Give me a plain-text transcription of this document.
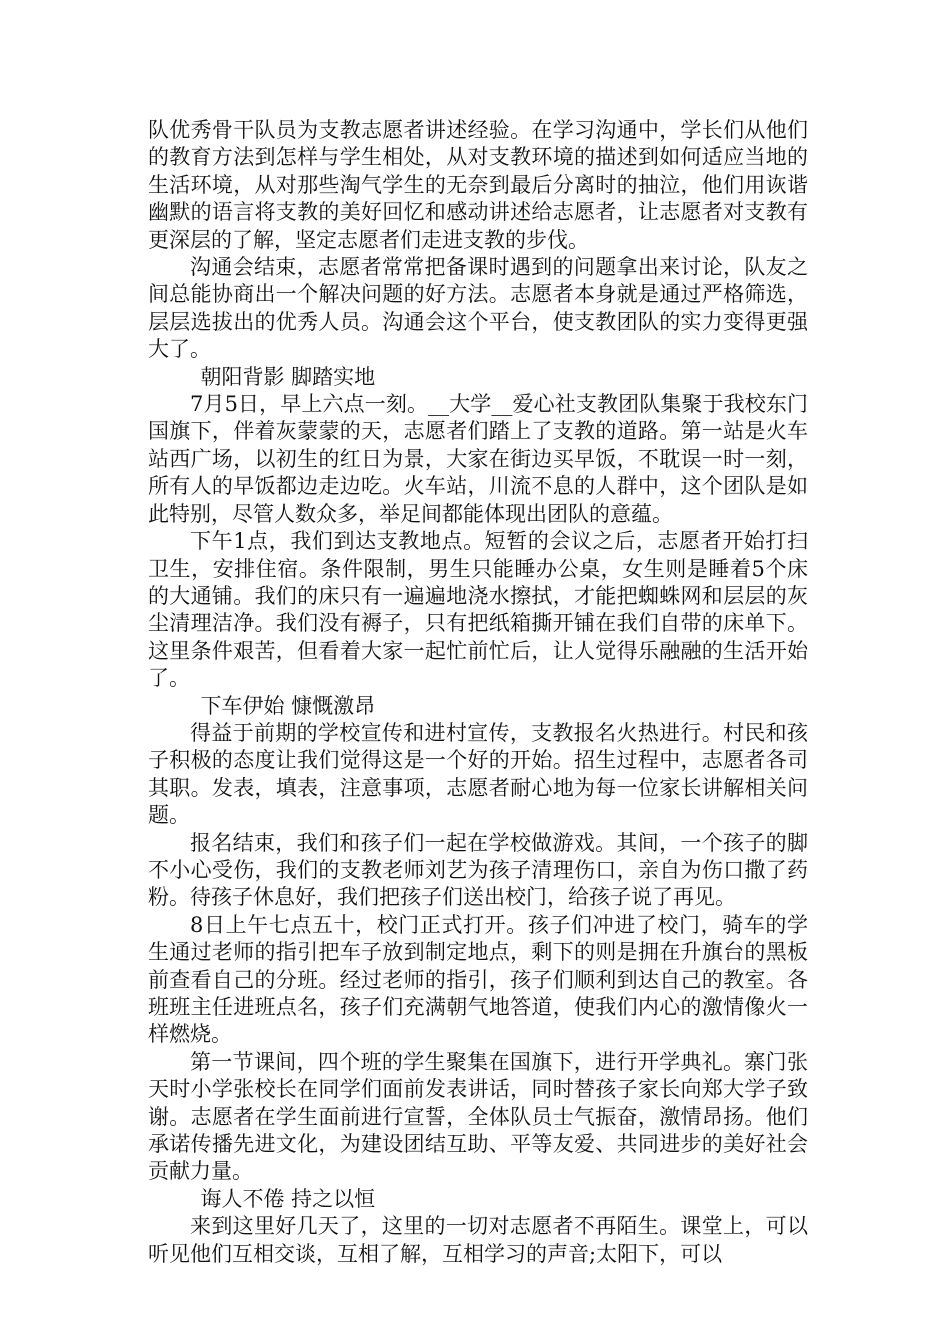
队优秀骨干队员为支教志愿者讲述经验。在学习沟通中，学长们从他们的教育方法到怎样与学生相处，从对支教环境的描述到如何适应当地的生活环境，从对那些淘气学生的无奈到最后分离时的抽泣，他们用诙谐幽默的语言将支教的美好回忆和感动讲述给志愿者，让志愿者对支教有更深层的了解，坚定志愿者们走进支教的步伐。

沟通会结束，志愿者常常把备课时遇到的问题拿出来讨论，队友之间总能协商出一个解决问题的好方法。志愿者本身就是通过严格筛选，层层选拔出的优秀人员。沟通会这个平台，使支教团队的实力变得更强大了。

朝阳背影 脚踏实地

7月5日，早上六点一刻。__大学__爱心社支教团队集聚于我校东门国旗下，伴着灰蒙蒙的天，志愿者们踏上了支教的道路。第一站是火车站西广场，以初生的红日为景，大家在街边买早饭，不耽误一时一刻，所有人的早饭都边走边吃。火车站，川流不息的人群中，这个团队是如此特别，尽管人数众多，举足间都能体现出团队的意蕴。

下午1点，我们到达支教地点。短暂的会议之后，志愿者开始打扫卫生，安排住宿。条件限制，男生只能睡办公桌，女生则是睡着5个床的大通铺。我们的床只有一遍遍地浇水擦拭，才能把蜘蛛网和层层的灰尘清理洁净。我们没有褥子，只有把纸箱撕开铺在我们自带的床单下。这里条件艰苦，但看着大家一起忙前忙后，让人觉得乐融融的生活开始了。

下车伊始 慷慨激昂

得益于前期的学校宣传和进村宣传，支教报名火热进行。村民和孩子积极的态度让我们觉得这是一个好的开始。招生过程中，志愿者各司其职。发表，填表，注意事项，志愿者耐心地为每一位家长讲解相关问题。

报名结束，我们和孩子们一起在学校做游戏。其间，一个孩子的脚不小心受伤，我们的支教老师刘艺为孩子清理伤口，亲自为伤口撒了药粉。待孩子休息好，我们把孩子们送出校门，给孩子说了再见。

8日上午七点五十，校门正式打开。孩子们冲进了校门，骑车的学生通过老师的指引把车子放到制定地点，剩下的则是拥在升旗台的黑板前查看自己的分班。经过老师的指引，孩子们顺利到达自己的教室。各班班主任进班点名，孩子们充满朝气地答道，使我们内心的激情像火一样燃烧。

第一节课间，四个班的学生聚集在国旗下，进行开学典礼。寨门张天时小学张校长在同学们面前发表讲话，同时替孩子家长向郑大学子致谢。志愿者在学生面前进行宣誓，全体队员士气振奋，激情昂扬。他们承诺传播先进文化，为建设团结互助、平等友爱、共同进步的美好社会贡献力量。

诲人不倦 持之以恒

来到这里好几天了，这里的一切对志愿者不再陌生。课堂上，可以听见他们互相交谈，互相了解，互相学习的声音;太阳下，可以
